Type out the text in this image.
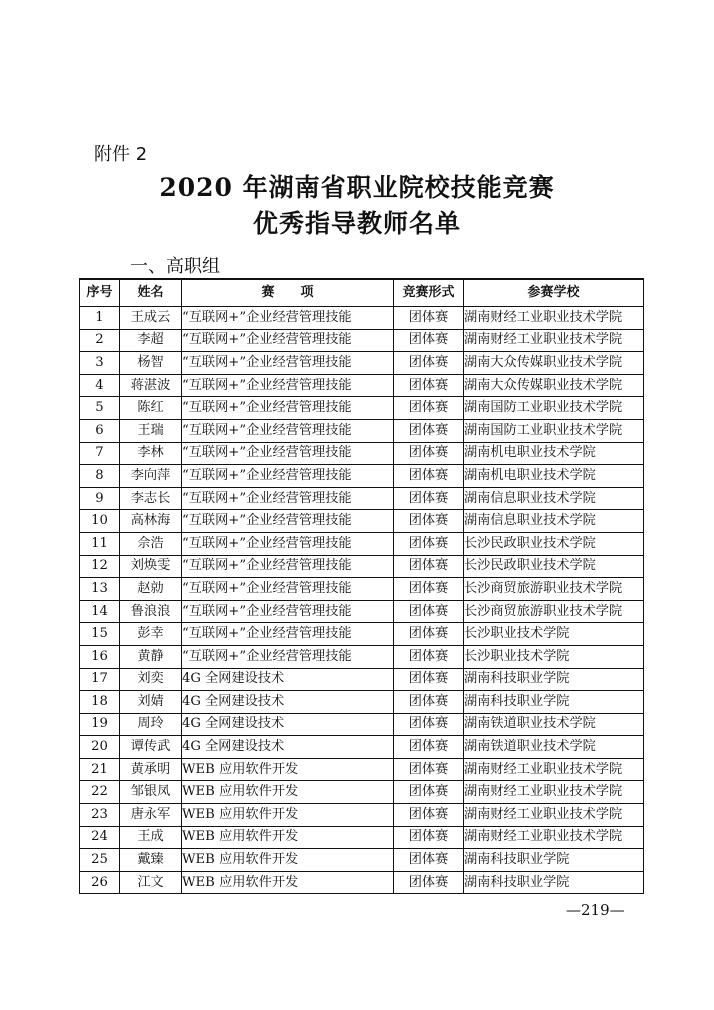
附件 2
2020 年湖南省职业院校技能竞赛
优秀指导教师名单
一、高职组
序号	姓名	赛　　项	竞赛形式	参赛学校
1	王成云	“互联网+”企业经营管理技能	团体赛	湖南财经工业职业技术学院
2	李超	“互联网+”企业经营管理技能	团体赛	湖南财经工业职业技术学院
3	杨智	“互联网+”企业经营管理技能	团体赛	湖南大众传媒职业技术学院
4	蒋湛波	“互联网+”企业经营管理技能	团体赛	湖南大众传媒职业技术学院
5	陈红	“互联网+”企业经营管理技能	团体赛	湖南国防工业职业技术学院
6	王瑞	“互联网+”企业经营管理技能	团体赛	湖南国防工业职业技术学院
7	李林	“互联网+”企业经营管理技能	团体赛	湖南机电职业技术学院
8	李向萍	“互联网+”企业经营管理技能	团体赛	湖南机电职业技术学院
9	李志长	“互联网+”企业经营管理技能	团体赛	湖南信息职业技术学院
10	高林海	“互联网+”企业经营管理技能	团体赛	湖南信息职业技术学院
11	佘浩	“互联网+”企业经营管理技能	团体赛	长沙民政职业技术学院
12	刘焕雯	“互联网+”企业经营管理技能	团体赛	长沙民政职业技术学院
13	赵勍	“互联网+”企业经营管理技能	团体赛	长沙商贸旅游职业技术学院
14	鲁浪浪	“互联网+”企业经营管理技能	团体赛	长沙商贸旅游职业技术学院
15	彭幸	“互联网+”企业经营管理技能	团体赛	长沙职业技术学院
16	黄静	“互联网+”企业经营管理技能	团体赛	长沙职业技术学院
17	刘奕	4G 全网建设技术	团体赛	湖南科技职业学院
18	刘婧	4G 全网建设技术	团体赛	湖南科技职业学院
19	周玲	4G 全网建设技术	团体赛	湖南铁道职业技术学院
20	谭传武	4G 全网建设技术	团体赛	湖南铁道职业技术学院
21	黄承明	WEB 应用软件开发	团体赛	湖南财经工业职业技术学院
22	邹银凤	WEB 应用软件开发	团体赛	湖南财经工业职业技术学院
23	唐永军	WEB 应用软件开发	团体赛	湖南财经工业职业技术学院
24	王成	WEB 应用软件开发	团体赛	湖南财经工业职业技术学院
25	戴臻	WEB 应用软件开发	团体赛	湖南科技职业学院
26	江文	WEB 应用软件开发	团体赛	湖南科技职业学院
—219—
